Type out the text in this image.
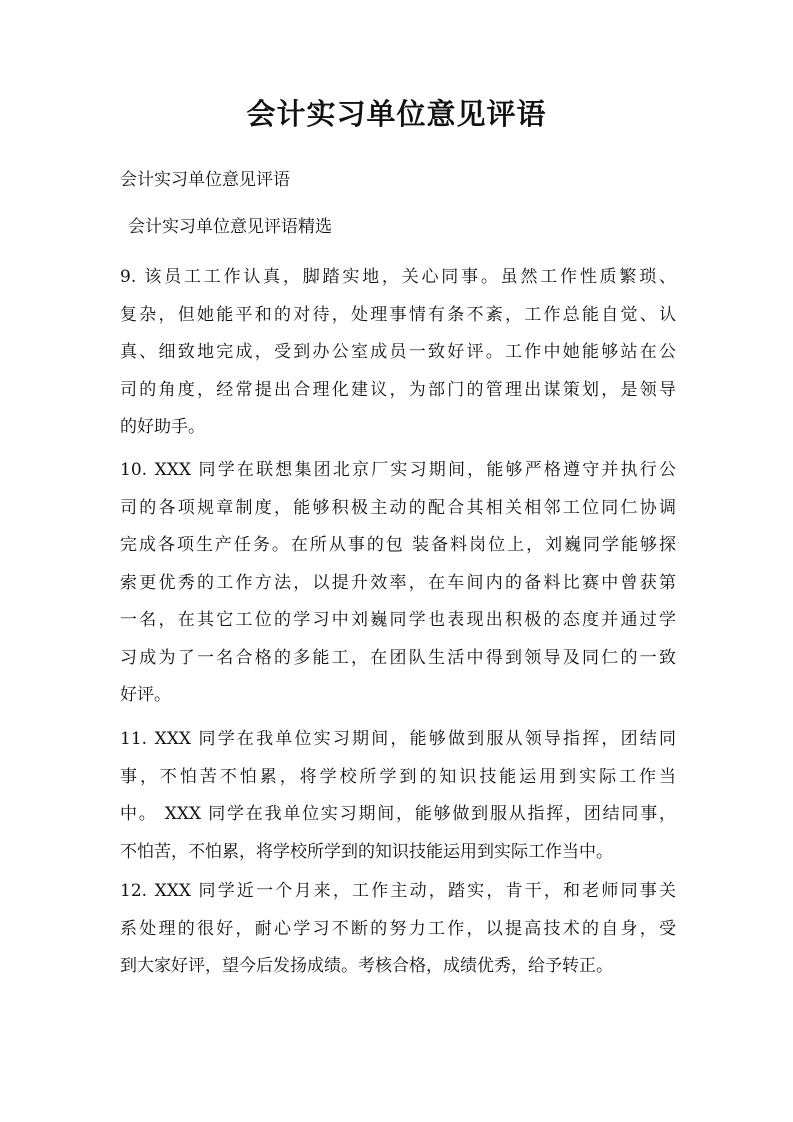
会计实习单位意见评语
会计实习单位意见评语
会计实习单位意见评语精选
9. 该员工工作认真，脚踏实地，关心同事。虽然工作性质繁琐、
复杂，但她能平和的对待，处理事情有条不紊，工作总能自觉、认
真、细致地完成，受到办公室成员一致好评。工作中她能够站在公
司的角度，经常提出合理化建议，为部门的管理出谋策划，是领导
的好助手。
10. XXX 同学在联想集团北京厂实习期间，能够严格遵守并执行公
司的各项规章制度，能够积极主动的配合其相关相邻工位同仁协调
完成各项生产任务。在所从事的包 装备料岗位上，刘巍同学能够探
索更优秀的工作方法，以提升效率，在车间内的备料比赛中曾获第
一名，在其它工位的学习中刘巍同学也表现出积极的态度并通过学
习成为了一名合格的多能工，在团队生活中得到领导及同仁的一致
好评。
11. XXX 同学在我单位实习期间，能够做到服从领导指挥，团结同
事，不怕苦不怕累，将学校所学到的知识技能运用到实际工作当
中。 XXX 同学在我单位实习期间，能够做到服从指挥，团结同事，
不怕苦，不怕累，将学校所学到的知识技能运用到实际工作当中。
12. XXX 同学近一个月来，工作主动，踏实，肯干，和老师同事关
系处理的很好，耐心学习不断的努力工作，以提高技术的自身，受
到大家好评，望今后发扬成绩。考核合格，成绩优秀，给予转正。
